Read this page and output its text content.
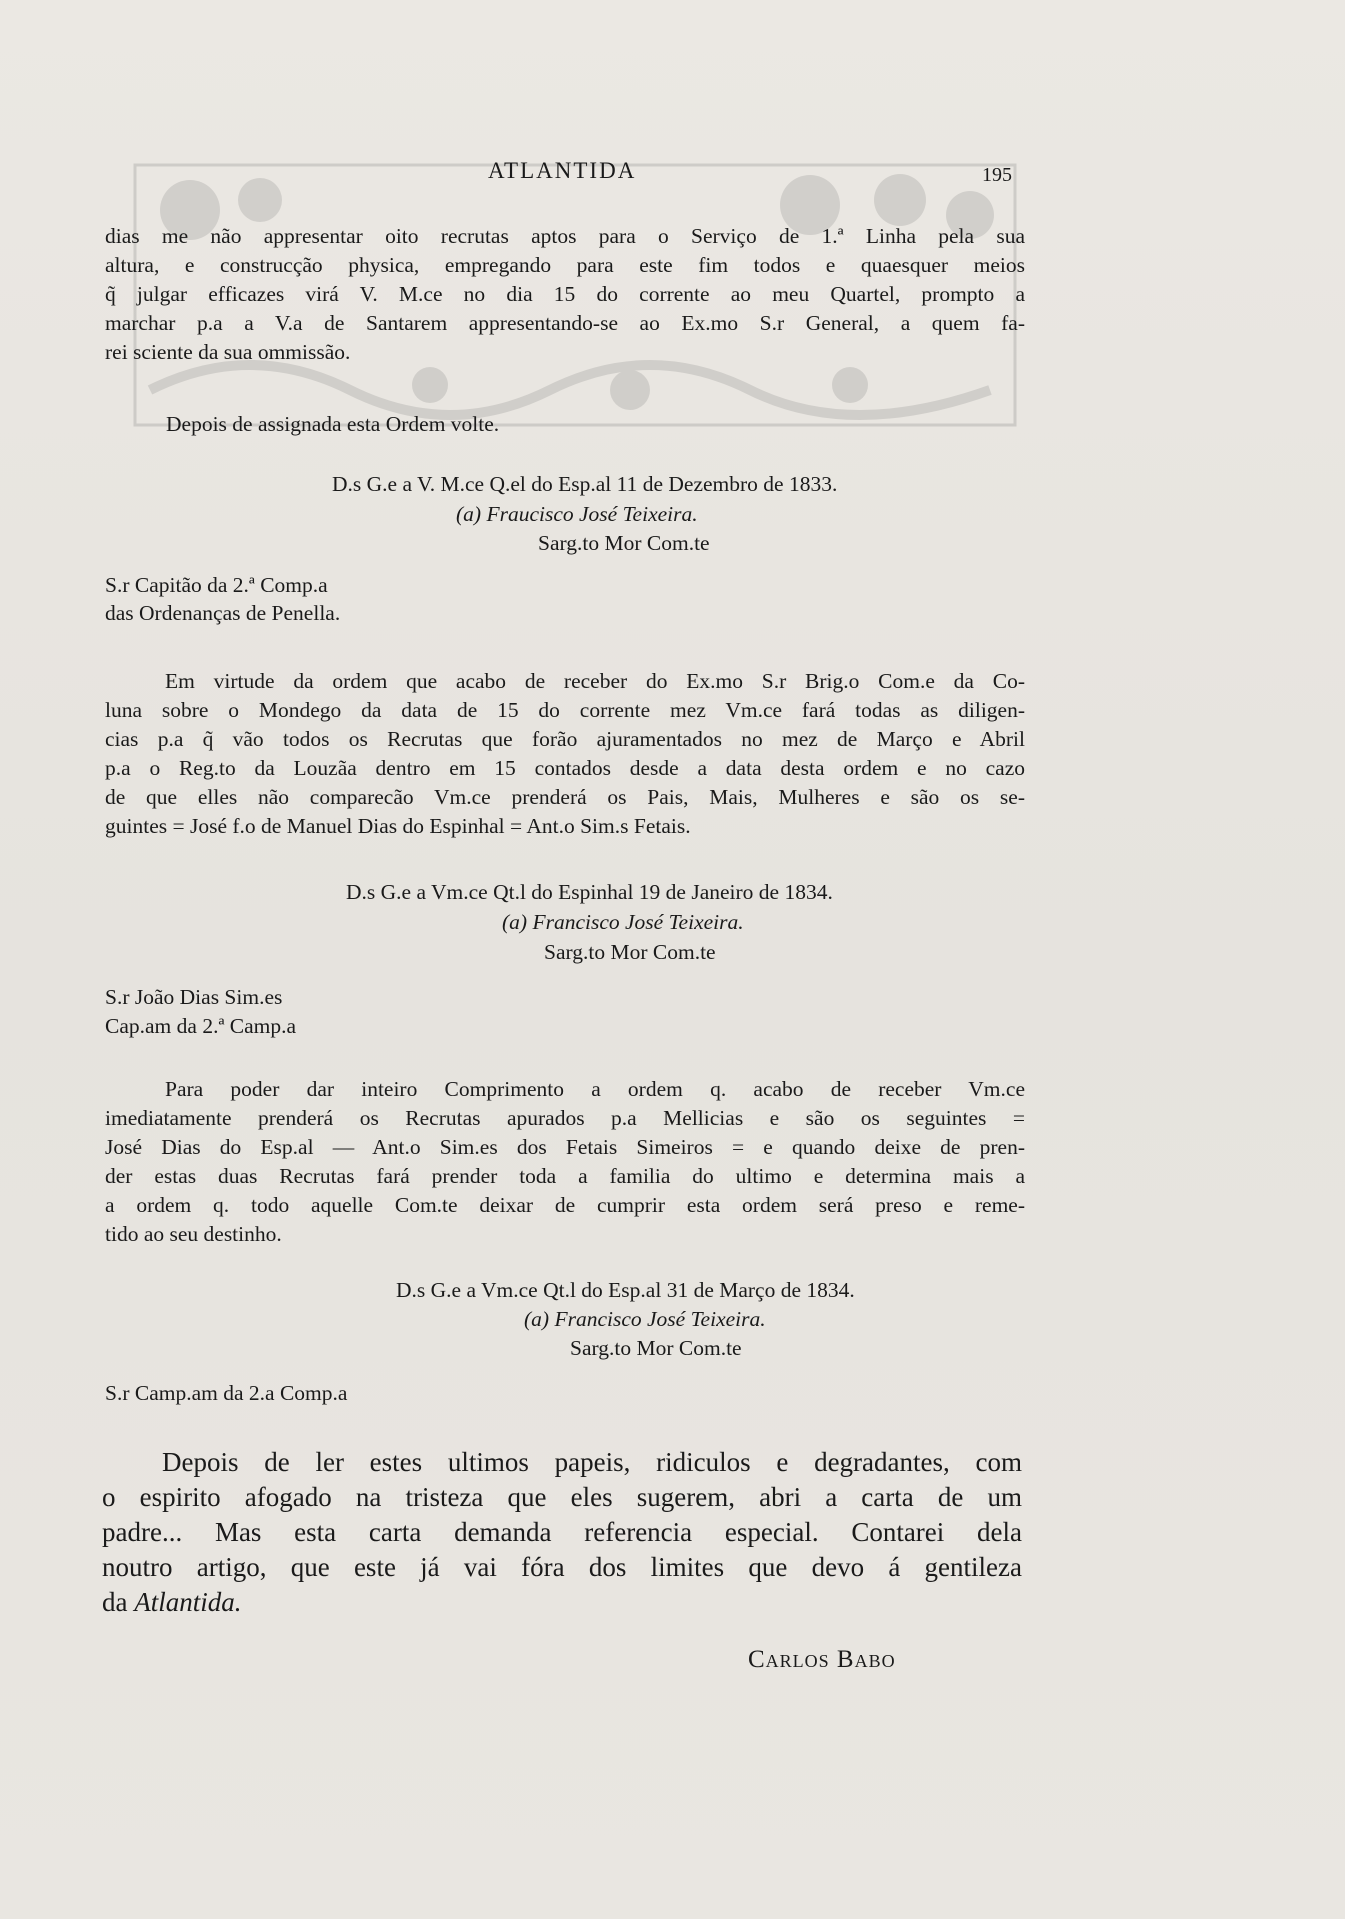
ATLANTIDA	195

dias me não appresentar oito recrutas aptos para o Serviço de 1.ª Linha pela sua

altura, e construcção physica, empregando para este fim todos e quaesquer meios

q̃ julgar efficazes virá V. M.ce no dia 15 do corrente ao meu Quartel, prompto a

marchar p.a a V.a de Santarem appresentando-se ao Ex.mo S.r General, a quem fa-

rei sciente da sua ommissão.

Depois de assignada esta Ordem volte.
D.s G.e a V. M.ce Q.el do Esp.al 11 de Dezembro de 1833.
(a) Fraucisco José Teixeira.
Sarg.to Mor Com.te
S.r Capitão da 2.ª Comp.a
das Ordenanças de Penella.

Em virtude da ordem que acabo de receber do Ex.mo S.r Brig.o Com.e da Co-

luna sobre o Mondego da data de 15 do corrente mez Vm.ce fará todas as diligen-

cias p.a q̃ vão todos os Recrutas que forão ajuramentados no mez de Março e Abril

p.a o Reg.to da Louzãa dentro em 15 contados desde a data desta ordem e no cazo

de que elles não comparecão Vm.ce prenderá os Pais, Mais, Mulheres e são os se-

guintes = José f.o de Manuel Dias do Espinhal = Ant.o Sim.s Fetais.

D.s G.e a Vm.ce Qt.l do Espinhal 19 de Janeiro de 1834.
(a) Francisco José Teixeira.
Sarg.to Mor Com.te
S.r João Dias Sim.es
Cap.am da 2.ª Camp.a

Para poder dar inteiro Comprimento a ordem q. acabo de receber Vm.ce

imediatamente prenderá os Recrutas apurados p.a Mellicias e são os seguintes =

José Dias do Esp.al — Ant.o Sim.es dos Fetais Simeiros = e quando deixe de pren-

der estas duas Recrutas fará prender toda a familia do ultimo e determina mais a

a ordem q. todo aquelle Com.te deixar de cumprir esta ordem será preso e reme-

tido ao seu destinho.

D.s G.e a Vm.ce Qt.l do Esp.al 31 de Março de 1834.
(a) Francisco José Teixeira.
Sarg.to Mor Com.te
S.r Camp.am da 2.a Comp.a

Depois de ler estes ultimos papeis, ridiculos e degradantes, com

o espirito afogado na tristeza que eles sugerem, abri a carta de um

padre... Mas esta carta demanda referencia especial. Contarei dela

noutro artigo, que este já vai fóra dos limites que devo á gentileza

da Atlantida.

Carlos Babo
